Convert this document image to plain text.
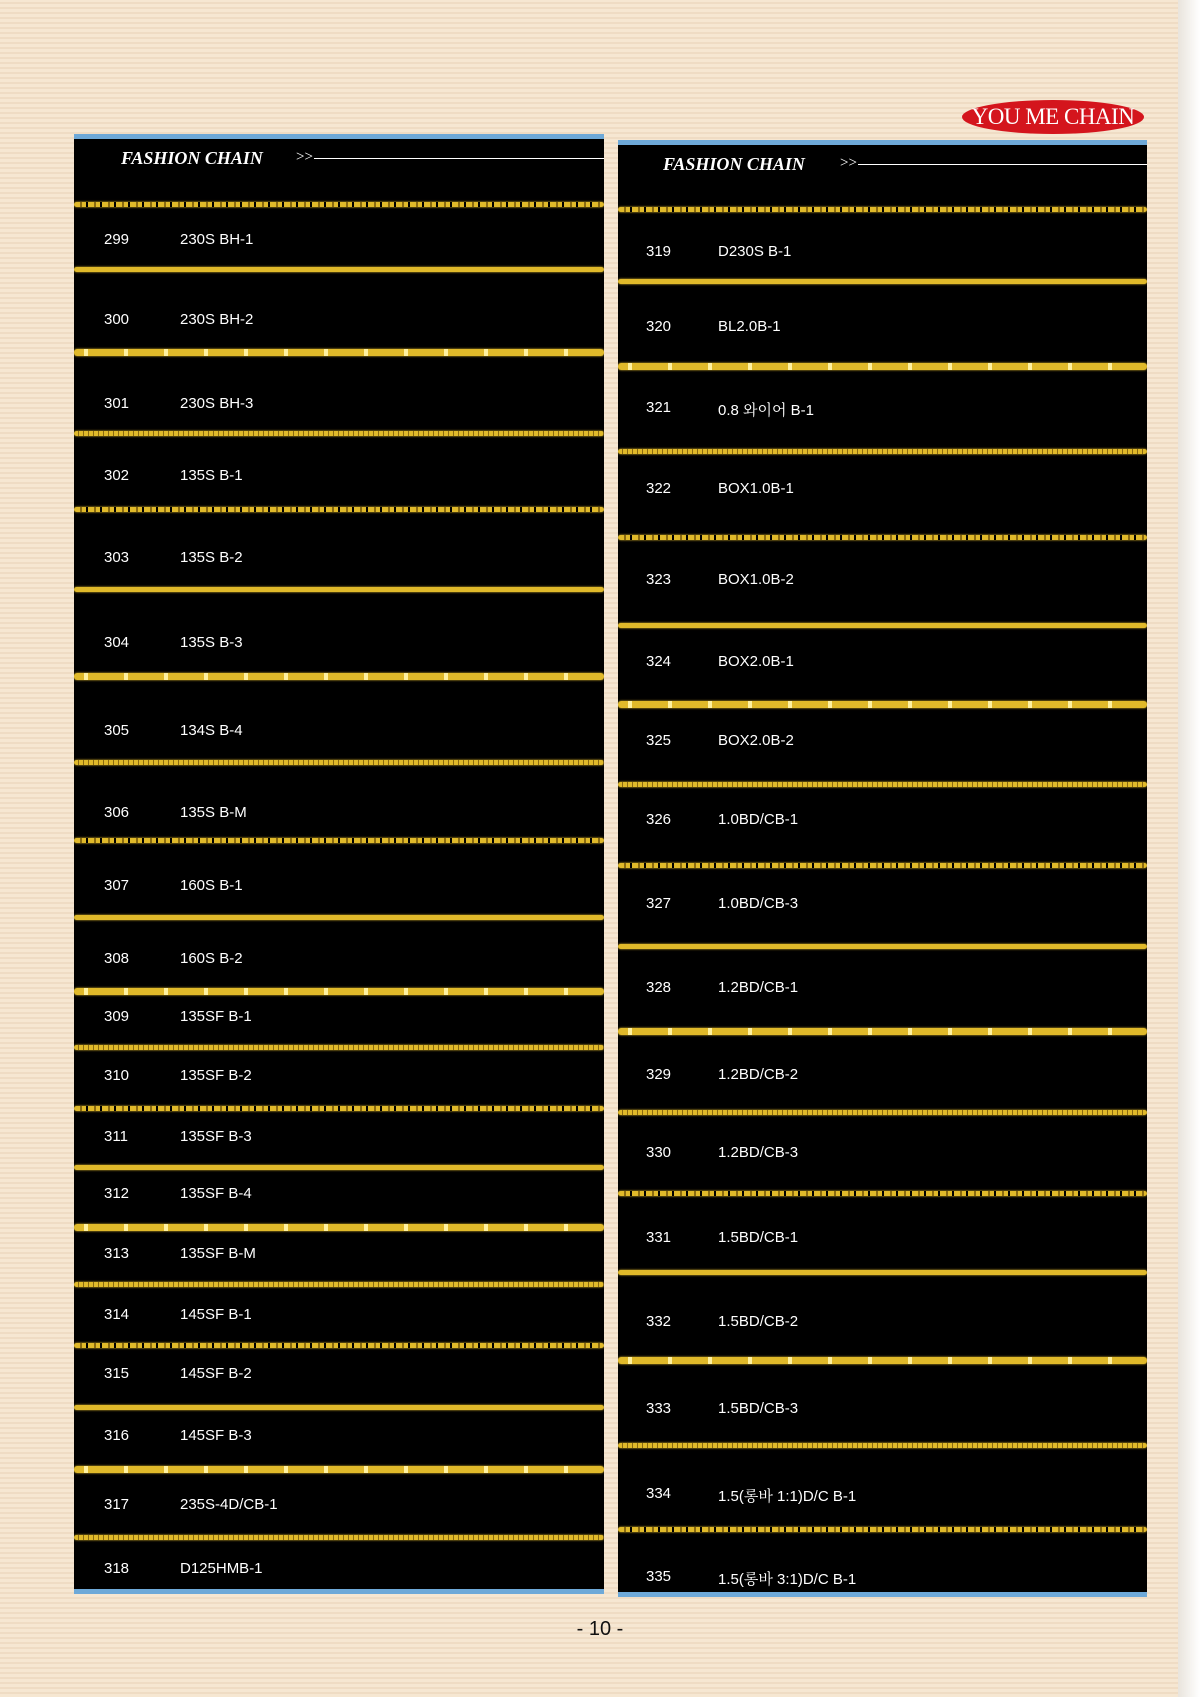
YOU ME CHAIN
FASHION CHAIN >>
299	230S BH-1
300	230S BH-2
301	230S BH-3
302	135S B-1
303	135S B-2
304	135S B-3
305	134S B-4
306	135S B-M
307	160S B-1
308	160S B-2
309	135SF B-1
310	135SF B-2
311	135SF B-3
312	135SF B-4
313	135SF B-M
314	145SF B-1
315	145SF B-2
316	145SF B-3
317	235S-4D/CB-1
318	D125HMB-1
FASHION CHAIN >>
319	D230S B-1
320	BL2.0B-1
321	0.8 와이어 B-1
322	BOX1.0B-1
323	BOX1.0B-2
324	BOX2.0B-1
325	BOX2.0B-2
326	1.0BD/CB-1
327	1.0BD/CB-3
328	1.2BD/CB-1
329	1.2BD/CB-2
330	1.2BD/CB-3
331	1.5BD/CB-1
332	1.5BD/CB-2
333	1.5BD/CB-3
334	1.5(롱바 1:1)D/C B-1
335	1.5(롱바 3:1)D/C B-1
- 10 -
